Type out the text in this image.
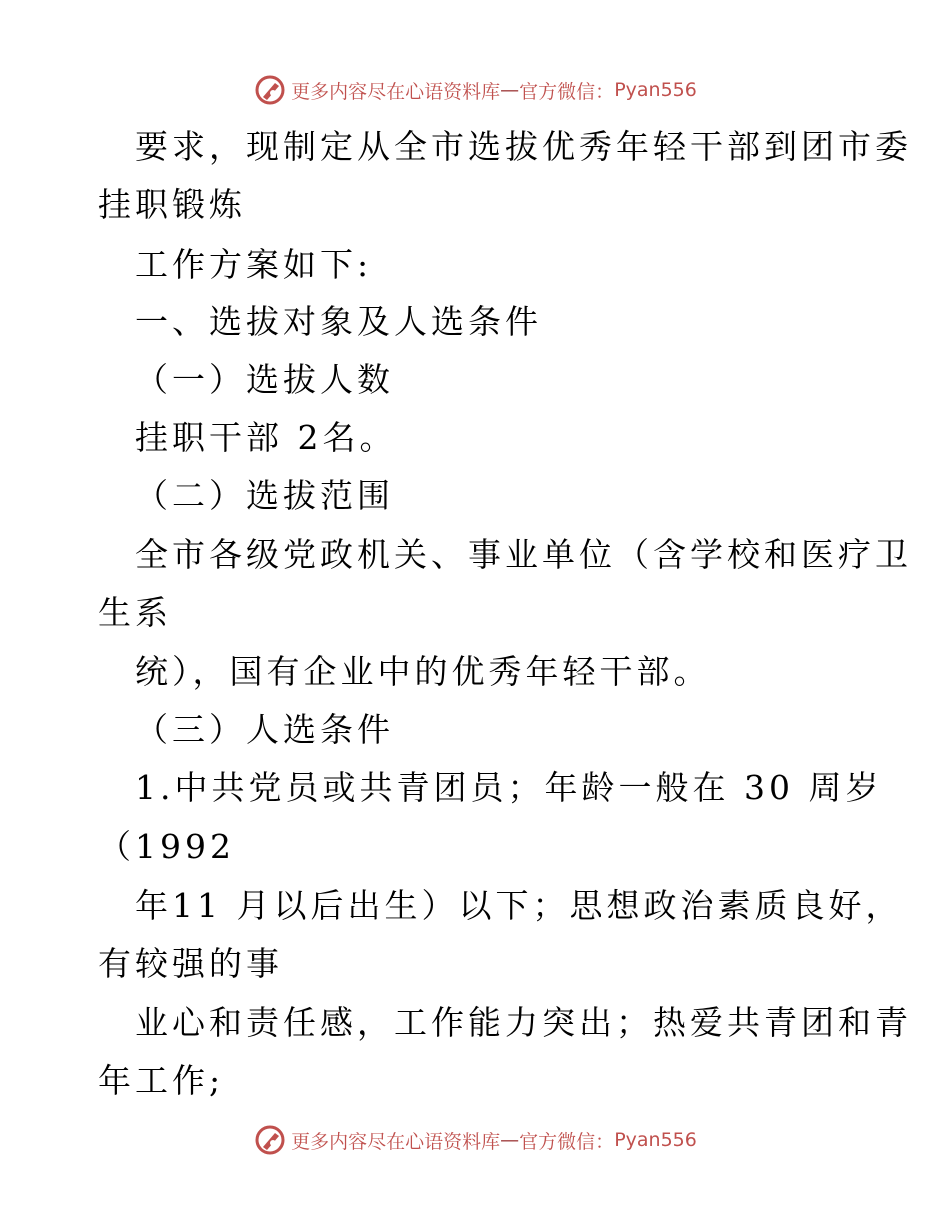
更多内容尽在心语资料库 — 官方微信： Pyan556
要求，现制定从全市选拔优秀年轻干部到团市委
挂职锻炼
工作方案如下:
一、选拔对象及人选条件
（一）选拔人数
挂职干部 2名。
（二）选拔范围
全市各级党政机关、事业单位（含学校和医疗卫
生系
统），国有企业中的优秀年轻干部。
（三）人选条件
1.中共党员或共青团员；年龄一般在 30 周岁
（1992
年11 月以后出生）以下；思想政治素质良好，
有较强的事
业心和责任感，工作能力突出；热爱共青团和青
年工作;
更多内容尽在心语资料库 — 官方微信： Pyan556
